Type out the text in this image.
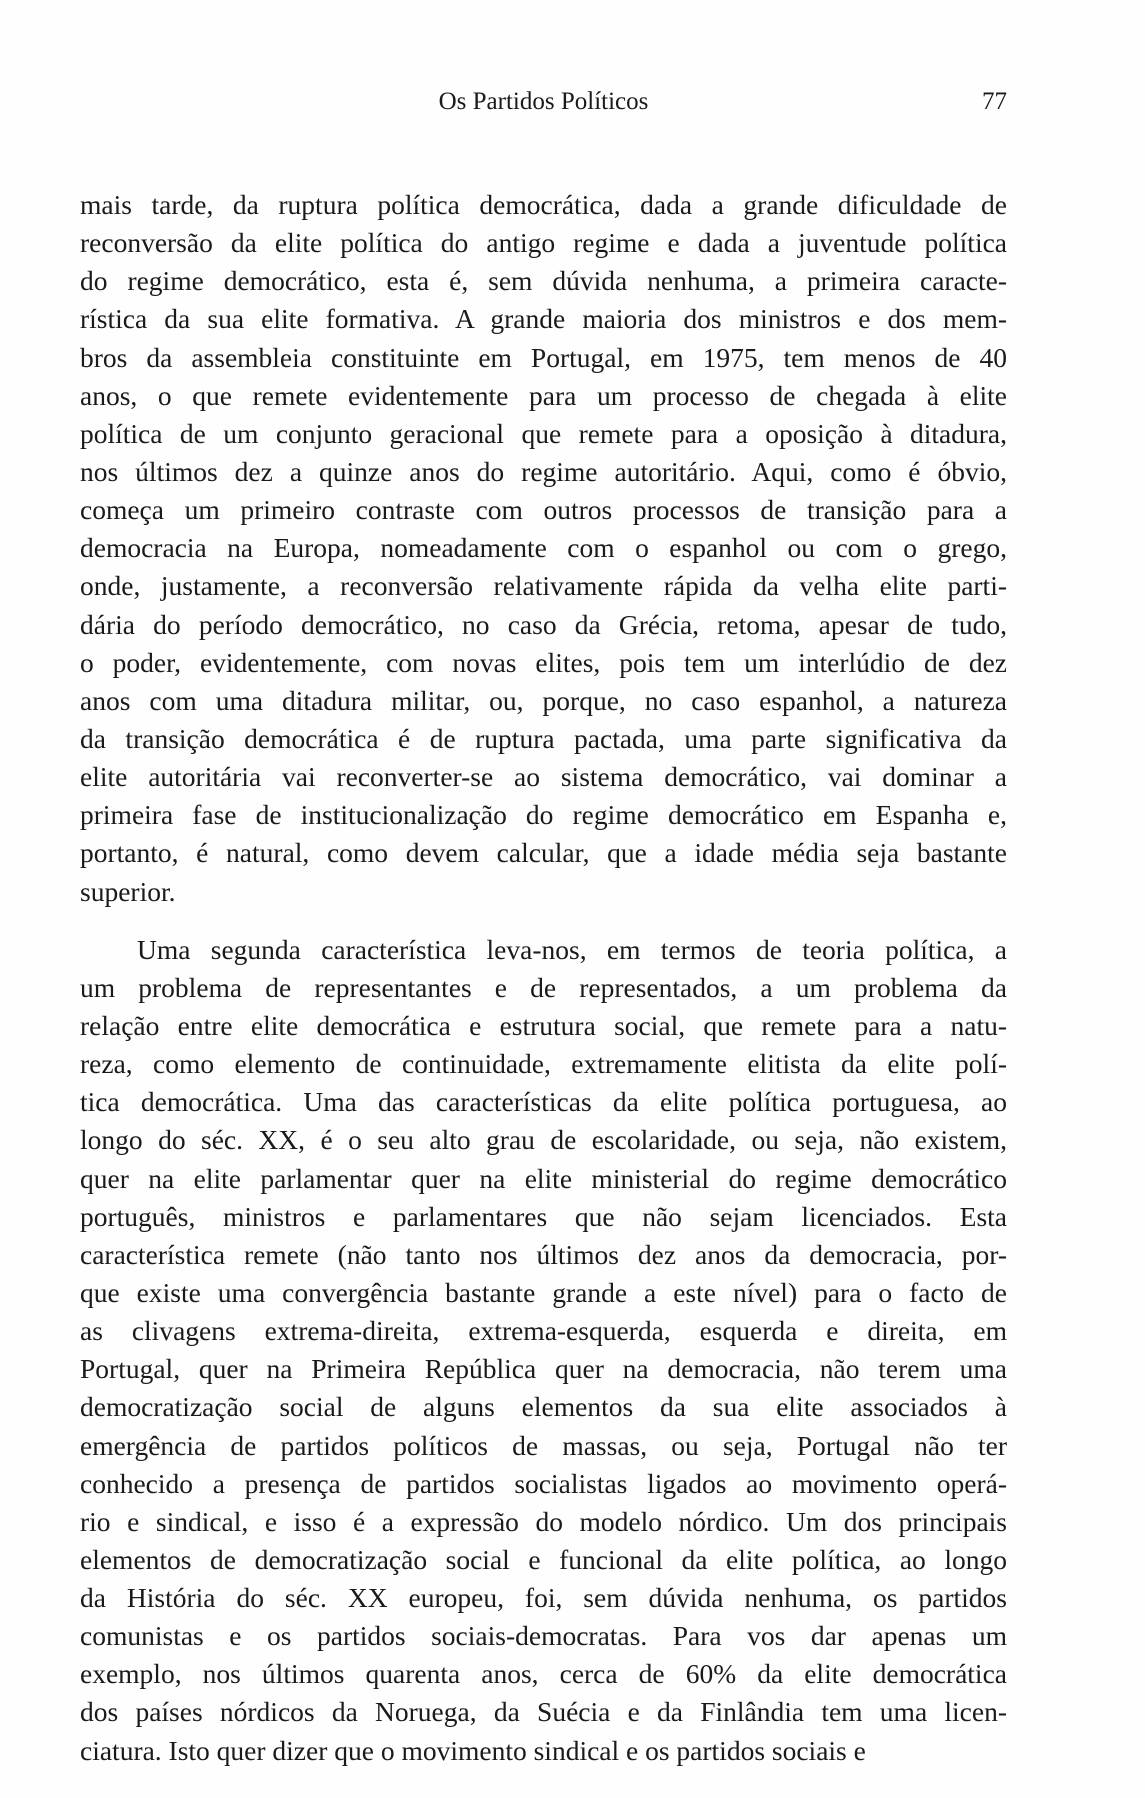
Os Partidos Políticos	77
mais tarde, da ruptura política democrática, dada a grande dificuldade de
reconversão da elite política do antigo regime e dada a juventude política
do regime democrático, esta é, sem dúvida nenhuma, a primeira caracte-
rística da sua elite formativa. A grande maioria dos ministros e dos mem-
bros da assembleia constituinte em Portugal, em 1975, tem menos de 40
anos, o que remete evidentemente para um processo de chegada à elite
política de um conjunto geracional que remete para a oposição à ditadura,
nos últimos dez a quinze anos do regime autoritário. Aqui, como é óbvio,
começa um primeiro contraste com outros processos de transição para a
democracia na Europa, nomeadamente com o espanhol ou com o grego,
onde, justamente, a reconversão relativamente rápida da velha elite parti-
dária do período democrático, no caso da Grécia, retoma, apesar de tudo,
o poder, evidentemente, com novas elites, pois tem um interlúdio de dez
anos com uma ditadura militar, ou, porque, no caso espanhol, a natureza
da transição democrática é de ruptura pactada, uma parte significativa da
elite autoritária vai reconverter-se ao sistema democrático, vai dominar a
primeira fase de institucionalização do regime democrático em Espanha e,
portanto, é natural, como devem calcular, que a idade média seja bastante
superior.
Uma segunda característica leva-nos, em termos de teoria política, a
um problema de representantes e de representados, a um problema da
relação entre elite democrática e estrutura social, que remete para a natu-
reza, como elemento de continuidade, extremamente elitista da elite polí-
tica democrática. Uma das características da elite política portuguesa, ao
longo do séc. XX, é o seu alto grau de escolaridade, ou seja, não existem,
quer na elite parlamentar quer na elite ministerial do regime democrático
português, ministros e parlamentares que não sejam licenciados. Esta
característica remete (não tanto nos últimos dez anos da democracia, por-
que existe uma convergência bastante grande a este nível) para o facto de
as clivagens extrema-direita, extrema-esquerda, esquerda e direita, em
Portugal, quer na Primeira República quer na democracia, não terem uma
democratização social de alguns elementos da sua elite associados à
emergência de partidos políticos de massas, ou seja, Portugal não ter
conhecido a presença de partidos socialistas ligados ao movimento operá-
rio e sindical, e isso é a expressão do modelo nórdico. Um dos principais
elementos de democratização social e funcional da elite política, ao longo
da História do séc. XX europeu, foi, sem dúvida nenhuma, os partidos
comunistas e os partidos sociais-democratas. Para vos dar apenas um
exemplo, nos últimos quarenta anos, cerca de 60% da elite democrática
dos países nórdicos da Noruega, da Suécia e da Finlândia tem uma licen-
ciatura. Isto quer dizer que o movimento sindical e os partidos sociais e
